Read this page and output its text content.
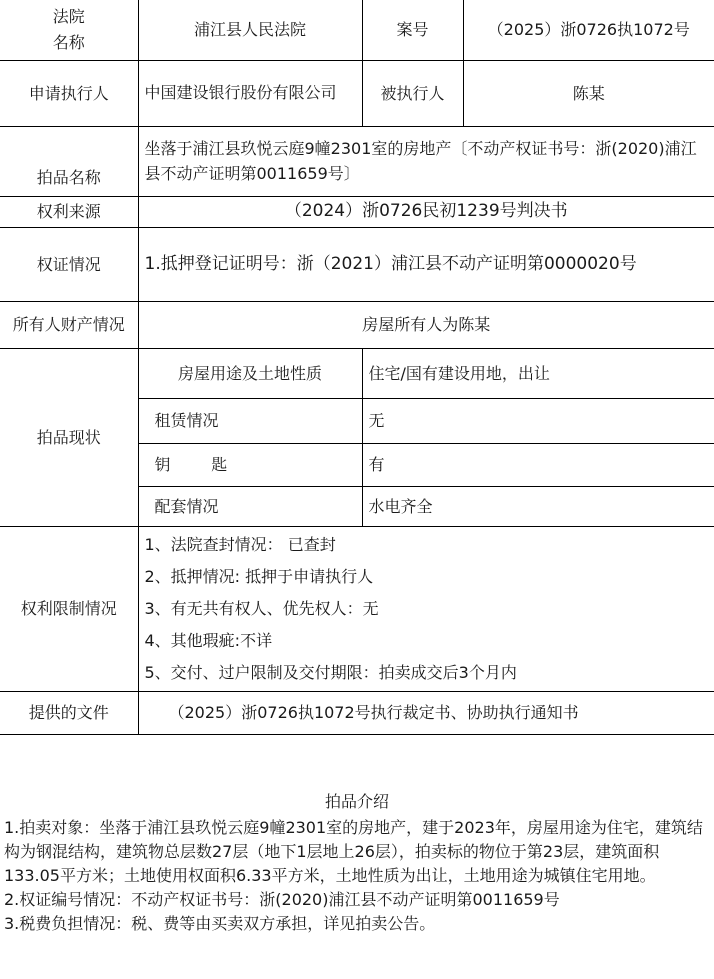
法院
名称	浦江县人民法院	案号	（2025）浙0726执1072号
申请执行人	中国建设银行股份有限公司	被执行人	陈某
拍品名称	坐落于浦江县玖悦云庭9幢2301室的房地产〔不动产权证书号：浙(2020)浦江县不动产证明第0011659号〕		
权利来源	（2024）浙0726民初1239号判决书		
权证情况	1.抵押登记证明号：浙（2021）浦江县不动产证明第0000020号		
所有人财产情况	房屋所有人为陈某		
拍品现状	房屋用途及土地性质	住宅/国有建设用地，出让	
	租赁情况	无	
	钥        匙	有	
	配套情况	水电齐全	
权利限制情况	1、法院查封情况： 已查封
2、抵押情况: 抵押于申请执行人
3、有无共有权人、优先权人：无
4、其他瑕疵:不详
5、交付、过户限制及交付期限：拍卖成交后3个月内		

提供的文件	（2025）浙0726执1072号执行裁定书、协助执行通知书		
拍品介绍

1.拍卖对象：坐落于浦江县玖悦云庭9幢2301室的房地产，建于2023年，房屋用途为住宅，建筑结构为钢混结构，建筑物总层数27层（地下1层地上26层），拍卖标的物位于第23层，建筑面积133.05平方米；土地使用权面积6.33平方米，土地性质为出让，土地用途为城镇住宅用地。

2.权证编号情况：不动产权证书号：浙(2020)浦江县不动产证明第0011659号

3.税费负担情况：税、费等由买卖双方承担，详见拍卖公告。
